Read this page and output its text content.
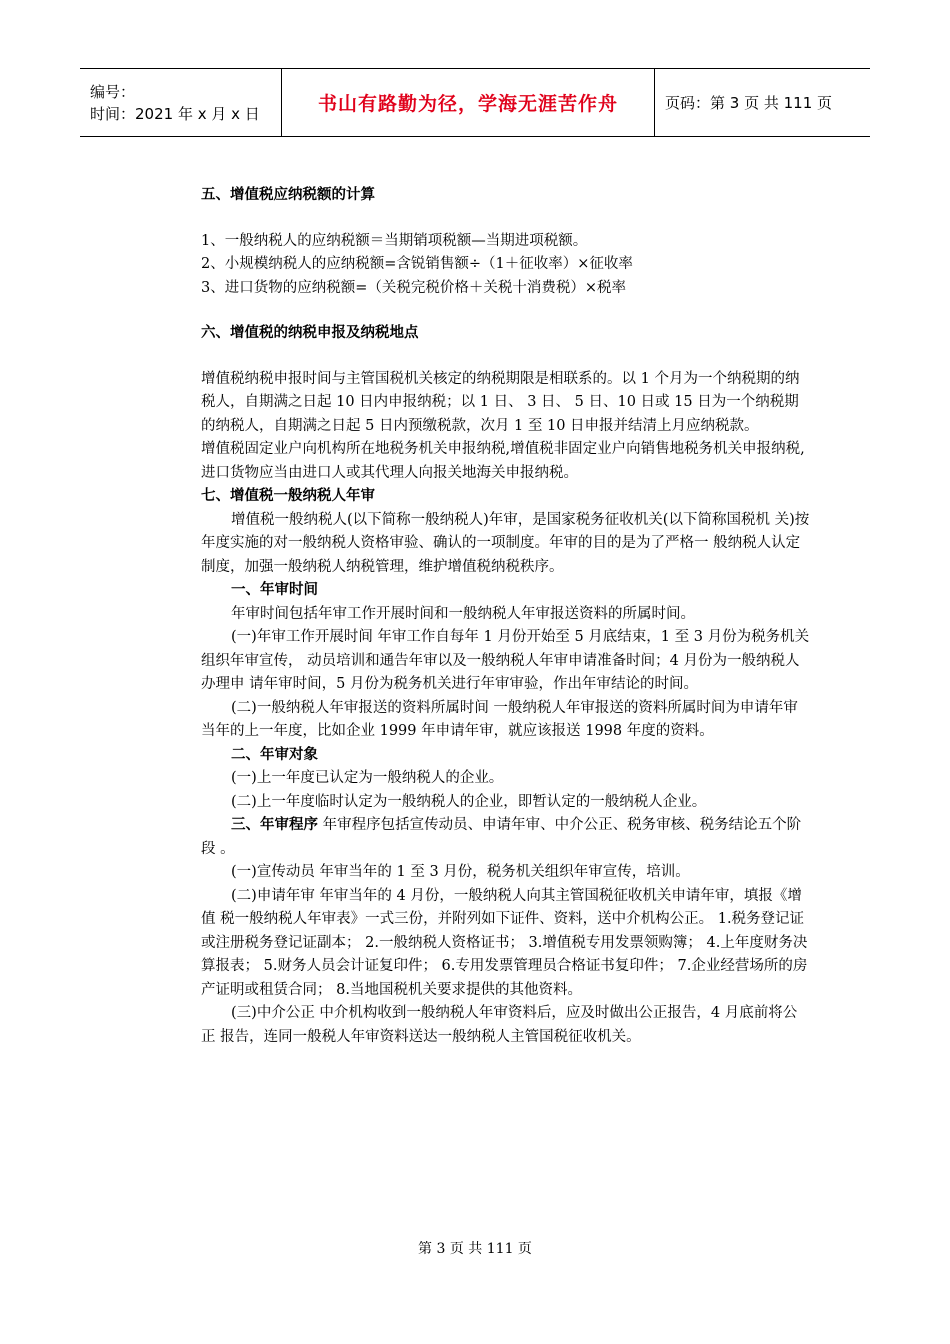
编号：
时间：2021 年 x 月 x 日	书山有路勤为径，学海无涯苦作舟	页码：第 3 页 共 111 页

五、增值税应纳税额的计算

1、一般纳税人的应纳税额＝当期销项税额—当期进项税额。

2、小规模纳税人的应纳税额=含锐销售额÷（1＋征收率）×征收率

3、进口货物的应纳税额=（关税完税价格＋关税十消费税）×税率

六、增值税的纳税申报及纳税地点

增值税纳税申报时间与主管国税机关核定的纳税期限是相联系的。以 1 个月为一个纳税期的纳税人，自期满之日起 10 日内申报纳税；以 1 日、 3 日、 5 日、10 日或 15 日为一个纳税期的纳税人，自期满之日起 5 日内预缴税款，次月 1 至 10 日申报并结清上月应纳税款。

增值税固定业户向机构所在地税务机关申报纳税,增值税非固定业户向销售地税务机关申报纳税,进口货物应当由进口人或其代理人向报关地海关申报纳税。

七、增值税一般纳税人年审

增值税一般纳税人(以下简称一般纳税人)年审，是国家税务征收机关(以下简称国税机 关)按年度实施的对一般纳税人资格审验、确认的一项制度。年审的目的是为了严格一 般纳税人认定制度，加强一般纳税人纳税管理，维护增值税纳税秩序。

一、年审时间

年审时间包括年审工作开展时间和一般纳税人年审报送资料的所属时间。

(一)年审工作开展时间 年审工作自每年 1 月份开始至 5 月底结束，1 至 3 月份为税务机关组织年审宣传， 动员培训和通告年审以及一般纳税人年审申请准备时间；4 月份为一般纳税人办理申 请年审时间，5 月份为税务机关进行年审审验，作出年审结论的时间。

(二)一般纳税人年审报送的资料所属时间 一般纳税人年审报送的资料所属时间为申请年审当年的上一年度，比如企业 1999 年申请年审，就应该报送 1998 年度的资料。

二、年审对象

(一)上一年度已认定为一般纳税人的企业。

(二)上一年度临时认定为一般纳税人的企业，即暂认定的一般纳税人企业。

三、年审程序 年审程序包括宣传动员、申请年审、中介公正、税务审核、税务结论五个阶段 。

(一)宣传动员 年审当年的 1 至 3 月份，税务机关组织年审宣传，培训。

(二)申请年审 年审当年的 4 月份，一般纳税人向其主管国税征收机关申请年审，填报《增值 税一般纳税人年审表》一式三份，并附列如下证件、资料，送中介机构公正。 1.税务登记证或注册税务登记证副本； 2.一般纳税人资格证书； 3.增值税专用发票领购簿； 4.上年度财务决算报表； 5.财务人员会计证复印件； 6.专用发票管理员合格证书复印件； 7.企业经营场所的房产证明或租赁合同； 8.当地国税机关要求提供的其他资料。

(三)中介公正 中介机构收到一般纳税人年审资料后，应及时做出公正报告，4 月底前将公正 报告，连同一般税人年审资料送达一般纳税人主管国税征收机关。

第 3 页 共 111 页
